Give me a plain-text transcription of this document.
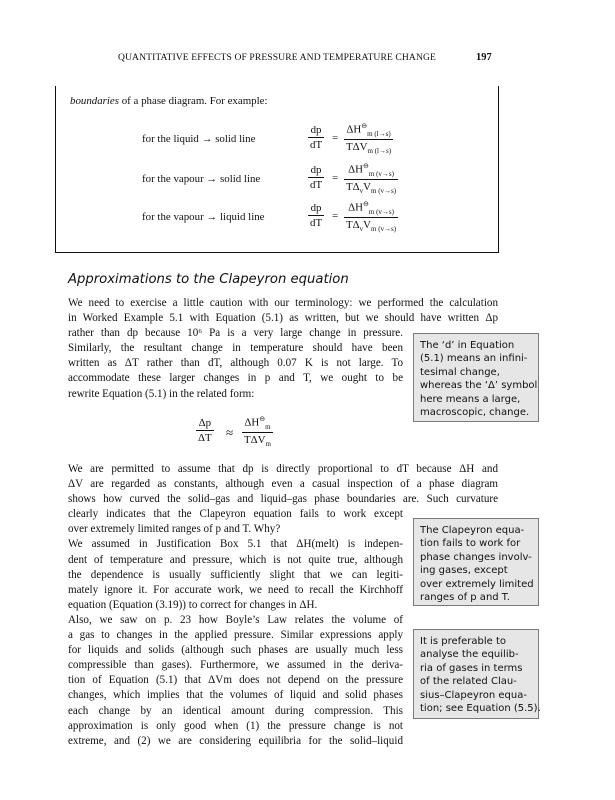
QUANTITATIVE EFFECTS OF PRESSURE AND TEMPERATURE CHANGE	197
boundaries of a phase diagram. For example:
for the liquid → solid line	$\frac{dp}{dT}$ =
$\Delta H^⊖_{m (l\to s)}$
$T\Delta V_{m (l\to s)}$
for the vapour → solid line	$\frac{dp}{dT}$ =
$\Delta H^⊖_{m (v\to s)}$
$T\Delta_vV_{m (v\to s)}$
for the vapour → liquid line	$\frac{dp}{dT}$ =
$\Delta H^⊖_{m (v\to s)}$
$T\Delta_vV_{m (v\to s)}$
Approximations to the Clapeyron equation
We need to exercise a little caution with our terminology: we performed the calculation
in Worked Example 5.1 with Equation (5.1) as written, but we should have written Δp
rather than dp because 10⁶ Pa is a very large change in pressure.
Similarly, the resultant change in temperature should have been
written as ΔT rather than dT, although 0.07 K is not large. To
accommodate these larger changes in p and T, we ought to be
rewrite Equation (5.1) in the related form:
The ‘d’ in Equation
(5.1) means an infini-
tesimal change,
whereas the ‘Δ’ symbol
here means a large,
macroscopic, change.
$\frac{\Delta p}{\Delta T}$ ≈
$\Delta H^⊖_m$
$T\Delta V_m$
We are permitted to assume that dp is directly proportional to dT because ΔH and
ΔV are regarded as constants, although even a casual inspection of a phase diagram
shows how curved the solid–gas and liquid–gas phase boundaries are. Such curvature
clearly indicates that the Clapeyron equation fails to work except
over extremely limited ranges of p and T. Why?
We assumed in Justification Box 5.1 that ΔH(melt) is indepen-
dent of temperature and pressure, which is not quite true, although
the dependence is usually sufficiently slight that we can legiti-
mately ignore it. For accurate work, we need to recall the Kirchhoff
equation (Equation (3.19)) to correct for changes in ΔH.
Also, we saw on p. 23 how Boyle’s Law relates the volume of
a gas to changes in the applied pressure. Similar expressions apply
for liquids and solids (although such phases are usually much less
compressible than gases). Furthermore, we assumed in the deriva-
tion of Equation (5.1) that ΔVm does not depend on the pressure
changes, which implies that the volumes of liquid and solid phases
each change by an identical amount during compression. This
approximation is only good when (1) the pressure change is not
extreme, and (2) we are considering equilibria for the solid–liquid
The Clapeyron equa-
tion fails to work for
phase changes involv-
ing gases, except
over extremely limited
ranges of p and T.
It is preferable to
analyse the equilib-
ria of gases in terms
of the related Clau-
sius–Clapeyron equa-
tion; see Equation (5.5).
